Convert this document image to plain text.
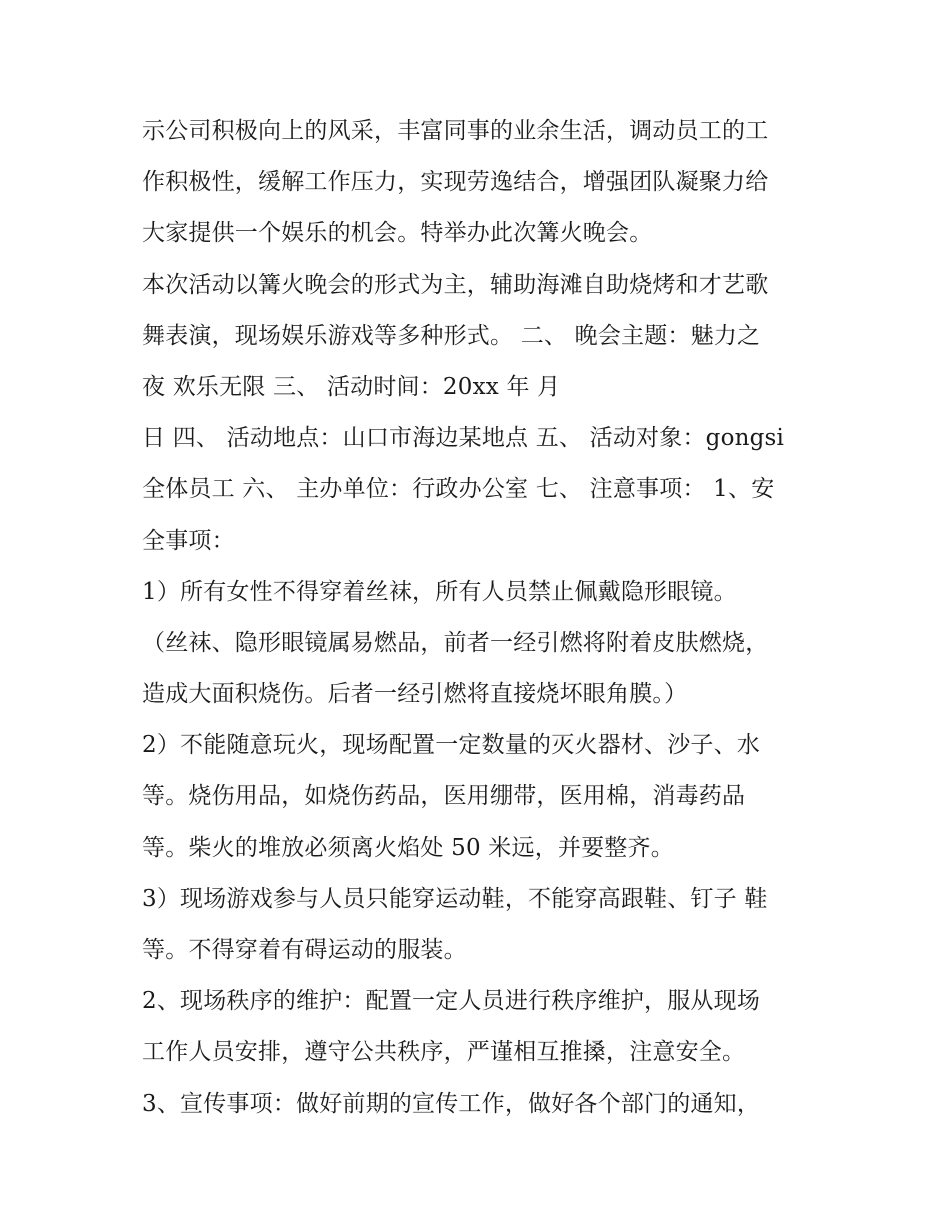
示公司积极向上的风采，丰富同事的业余生活，调动员工的工
作积极性，缓解工作压力，实现劳逸结合，增强团队凝聚力给
大家提供一个娱乐的机会。特举办此次篝火晚会。
本次活动以篝火晚会的形式为主，辅助海滩自助烧烤和才艺歌
舞表演，现场娱乐游戏等多种形式。 二、 晚会主题：魅力之
夜 欢乐无限 三、 活动时间：20xx 年 月
日 四、 活动地点：山口市海边某地点 五、 活动对象：gongsi
全体员工 六、 主办单位：行政办公室 七、 注意事项： 1、安
全事项：
1）所有女性不得穿着丝袜，所有人员禁止佩戴隐形眼镜。
（丝袜、隐形眼镜属易燃品，前者一经引燃将附着皮肤燃烧，
造成大面积烧伤。后者一经引燃将直接烧坏眼角膜。）
2）不能随意玩火，现场配置一定数量的灭火器材、沙子、水
等。烧伤用品，如烧伤药品，医用绷带，医用棉，消毒药品
等。柴火的堆放必须离火焰处 50 米远，并要整齐。
3）现场游戏参与人员只能穿运动鞋，不能穿高跟鞋、钉子 鞋
等。不得穿着有碍运动的服装。
2、现场秩序的维护：配置一定人员进行秩序维护，服从现场
工作人员安排，遵守公共秩序，严谨相互推搡，注意安全。
3、宣传事项：做好前期的宣传工作，做好各个部门的通知，
